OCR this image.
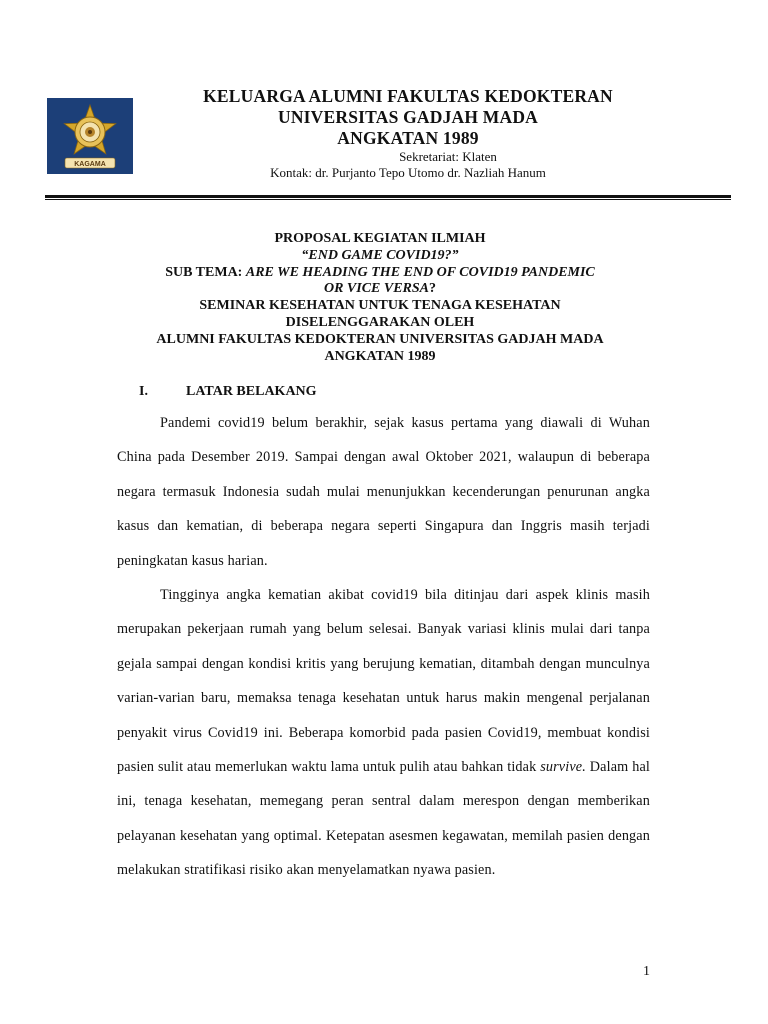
KAGAMA
KELUARGA ALUMNI FAKULTAS KEDOKTERAN
UNIVERSITAS GADJAH MADA
ANGKATAN 1989
Sekretariat: Klaten
Kontak: dr. Purjanto Tepo Utomo dr. Nazliah Hanum
PROPOSAL KEGIATAN ILMIAH
“END GAME COVID19?”
SUB TEMA: ARE WE HEADING THE END OF COVID19 PANDEMIC
OR VICE VERSA?
SEMINAR KESEHATAN UNTUK TENAGA KESEHATAN
DISELENGGARAKAN OLEH
ALUMNI FAKULTAS KEDOKTERAN UNIVERSITAS GADJAH MADA
ANGKATAN 1989
I.	LATAR BELAKANG

Pandemi covid19 belum berakhir, sejak kasus pertama yang diawali di Wuhan China pada Desember 2019. Sampai dengan awal Oktober 2021, walaupun di beberapa negara termasuk Indonesia sudah mulai menunjukkan kecenderungan penurunan angka kasus dan kematian, di beberapa negara seperti Singapura dan Inggris masih terjadi peningkatan kasus harian.

Tingginya angka kematian akibat covid19 bila ditinjau dari aspek klinis masih merupakan pekerjaan rumah yang belum selesai. Banyak variasi klinis mulai dari tanpa gejala sampai dengan kondisi kritis yang berujung kematian, ditambah dengan munculnya varian-varian baru, memaksa tenaga kesehatan untuk harus makin mengenal perjalanan penyakit virus Covid19 ini. Beberapa komorbid pada pasien Covid19, membuat kondisi pasien sulit atau memerlukan waktu lama untuk pulih atau bahkan tidak survive. Dalam hal ini, tenaga kesehatan, memegang peran sentral dalam merespon dengan memberikan pelayanan kesehatan yang optimal. Ketepatan asesmen kegawatan, memilah pasien dengan melakukan stratifikasi risiko akan menyelamatkan nyawa pasien.

1
